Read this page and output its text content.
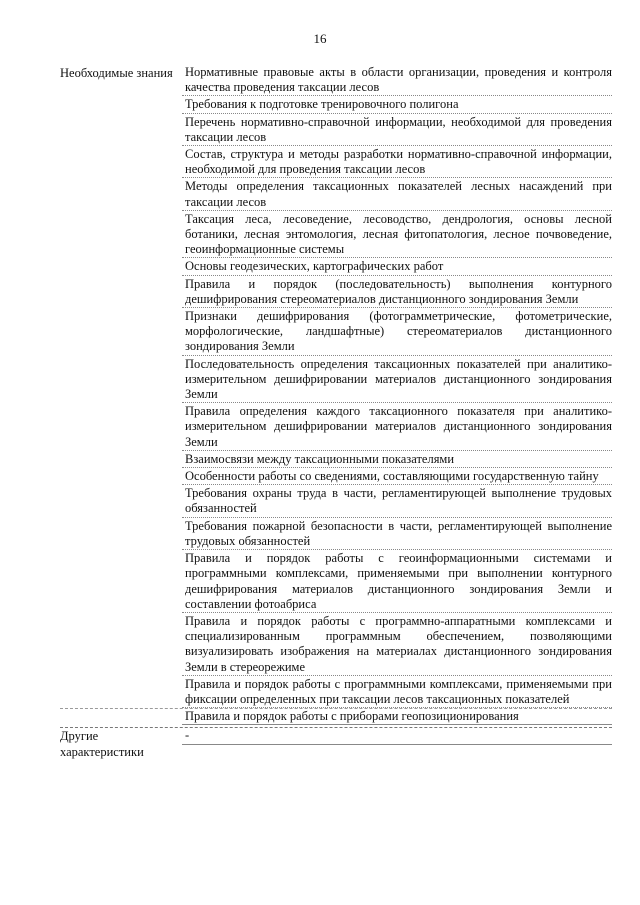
16
Необходимые знания Нормативные правовые акты в области организации, проведения и контроля качества проведения таксации лесов
Требования к подготовке тренировочного полигона
Перечень нормативно-справочной информации, необходимой для проведения таксации лесов
Состав, структура и методы разработки нормативно-справочной информации, необходимой для проведения таксации лесов
Методы определения таксационных показателей лесных насаждений при таксации лесов
Таксация леса, лесоведение, лесоводство, дендрология, основы лесной ботаники, лесная энтомология, лесная фитопатология, лесное почвоведение, геоинформационные системы
Основы геодезических, картографических работ
Правила и порядок (последовательность) выполнения контурного дешифрирования стереоматериалов дистанционного зондирования Земли
Признаки дешифрирования (фотограмметрические, фотометрические, морфологические, ландшафтные) стереоматериалов дистанционного зондирования Земли
Последовательность определения таксационных показателей при аналитико-измерительном дешифрировании материалов дистанционного зондирования Земли
Правила определения каждого таксационного показателя при аналитико-измерительном дешифрировании материалов дистанционного зондирования Земли
Взаимосвязи между таксационными показателями
Особенности работы со сведениями, составляющими государственную тайну
Требования охраны труда в части, регламентирующей выполнение трудовых обязанностей
Требования пожарной безопасности в части, регламентирующей выполнение трудовых обязанностей
Правила и порядок работы с геоинформационными системами и программными комплексами, применяемыми при выполнении контурного дешифрирования материалов дистанционного зондирования Земли и составлении фотоабриса
Правила и порядок работы с программно-аппаратными комплексами и специализированным программным обеспечением, позволяющими визуализировать изображения на материалах дистанционного зондирования Земли в стереорежиме
Правила и порядок работы с программными комплексами, применяемыми при фиксации определенных при таксации лесов таксационных показателей
Правила и порядок работы с приборами геопозиционирования
Другие характеристики
-
